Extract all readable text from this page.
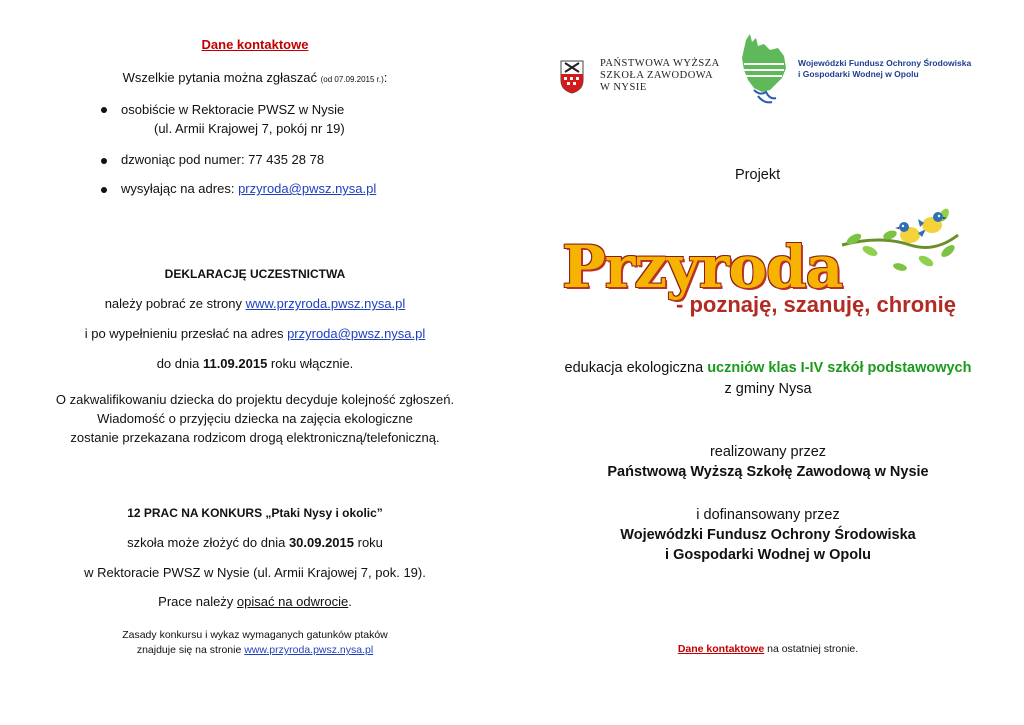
Dane kontaktowe
Wszelkie pytania można zgłaszać (od 07.09.2015 r.):
osobiście w Rektoracie PWSZ w Nysie
(ul. Armii Krajowej 7, pokój nr 19)
dzwoniąc pod numer: 77 435 28 78
wysyłając na adres: przyroda@pwsz.nysa.pl
DEKLARACJĘ UCZESTNICTWA
należy pobrać ze strony www.przyroda.pwsz.nysa.pl
i po wypełnieniu przesłać na adres przyroda@pwsz.nysa.pl
do dnia 11.09.2015 roku włącznie.
O zakwalifikowaniu dziecka do projektu decyduje kolejność zgłoszeń.
Wiadomość o przyjęciu dziecka na zajęcia ekologiczne
zostanie przekazana rodzicom drogą elektroniczną/telefoniczną.
12 PRAC NA KONKURS „Ptaki Nysy i okolic”
szkoła może złożyć do dnia 30.09.2015 roku
w Rektoracie PWSZ w Nysie (ul. Armii Krajowej 7, pok. 19).
Prace należy opisać na odwrocie.
Zasady konkursu i wykaz wymaganych gatunków ptaków
znajduje się na stronie www.przyroda.pwsz.nysa.pl
PAŃSTWOWA WYŻSZA
SZKOŁA ZAWODOWA
W NYSIE
Wojewódzki Fundusz Ochrony Środowiska
i Gospodarki Wodnej w Opolu
Projekt
Przyroda
- poznaję, szanuję, chronię
edukacja ekologiczna uczniów klas I-IV szkół podstawowych
z gminy Nysa
realizowany przez
Państwową Wyższą Szkołę Zawodową w Nysie
i dofinansowany przez
Wojewódzki Fundusz Ochrony Środowiska
i Gospodarki Wodnej w Opolu
Dane kontaktowe na ostatniej stronie.
